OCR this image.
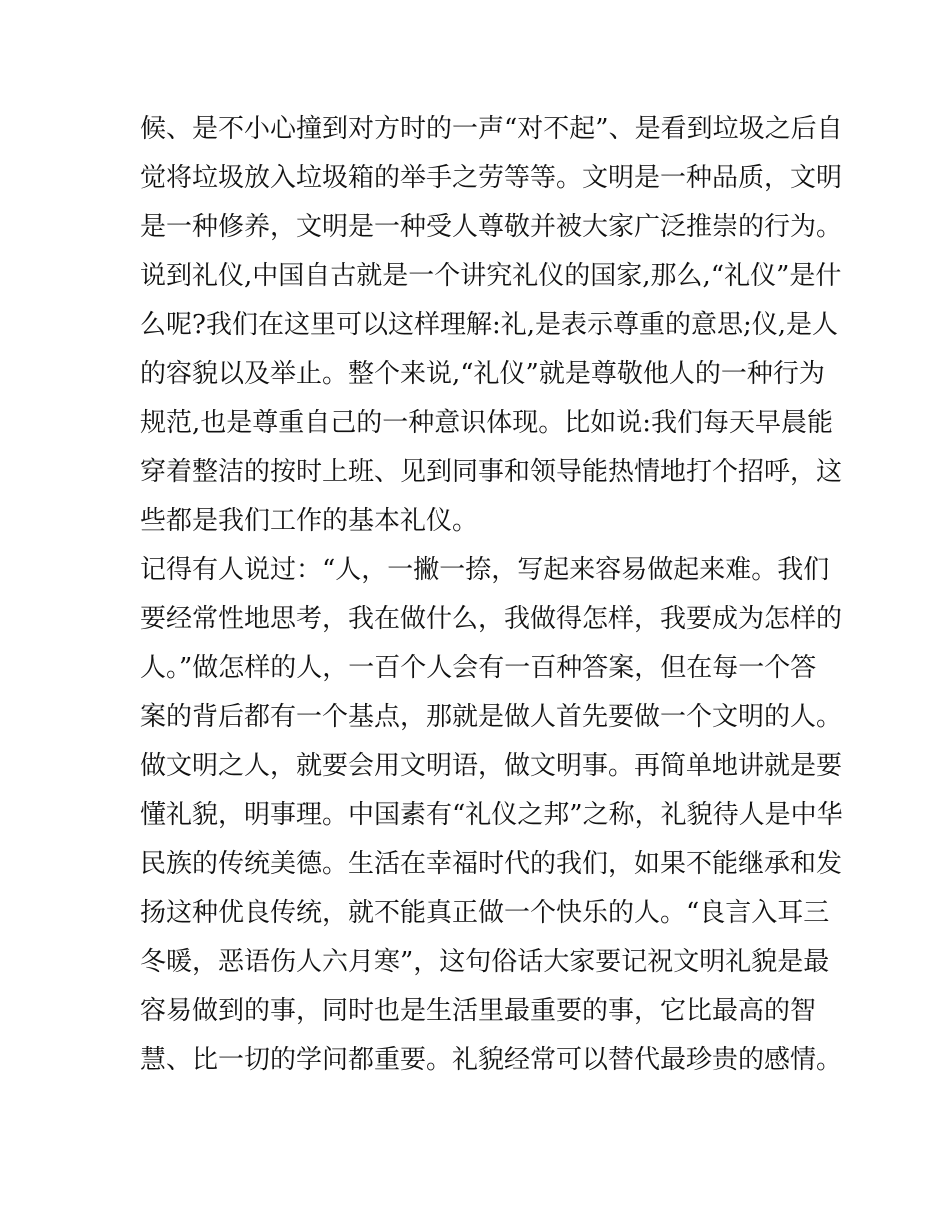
候、是不小心撞到对方时的一声“对不起”、是看到垃圾之后自
觉将垃圾放入垃圾箱的举手之劳等等。文明是一种品质，文明
是一种修养，文明是一种受人尊敬并被大家广泛推崇的行为。
说到礼仪,中国自古就是一个讲究礼仪的国家,那么,“礼仪”是什
么呢?我们在这里可以这样理解:礼,是表示尊重的意思;仪,是人
的容貌以及举止。整个来说,“礼仪”就是尊敬他人的一种行为
规范,也是尊重自己的一种意识体现。比如说:我们每天早晨能
穿着整洁的按时上班、见到同事和领导能热情地打个招呼，这
些都是我们工作的基本礼仪。
记得有人说过：“人，一撇一捺，写起来容易做起来难。我们
要经常性地思考，我在做什么，我做得怎样，我要成为怎样的
人。”做怎样的人，一百个人会有一百种答案，但在每一个答
案的背后都有一个基点，那就是做人首先要做一个文明的人。
做文明之人，就要会用文明语，做文明事。再简单地讲就是要
懂礼貌，明事理。中国素有“礼仪之邦”之称，礼貌待人是中华
民族的传统美德。生活在幸福时代的我们，如果不能继承和发
扬这种优良传统，就不能真正做一个快乐的人。“良言入耳三
冬暖，恶语伤人六月寒”，这句俗话大家要记祝文明礼貌是最
容易做到的事，同时也是生活里最重要的事，它比最高的智
慧、比一切的学问都重要。礼貌经常可以替代最珍贵的感情。
